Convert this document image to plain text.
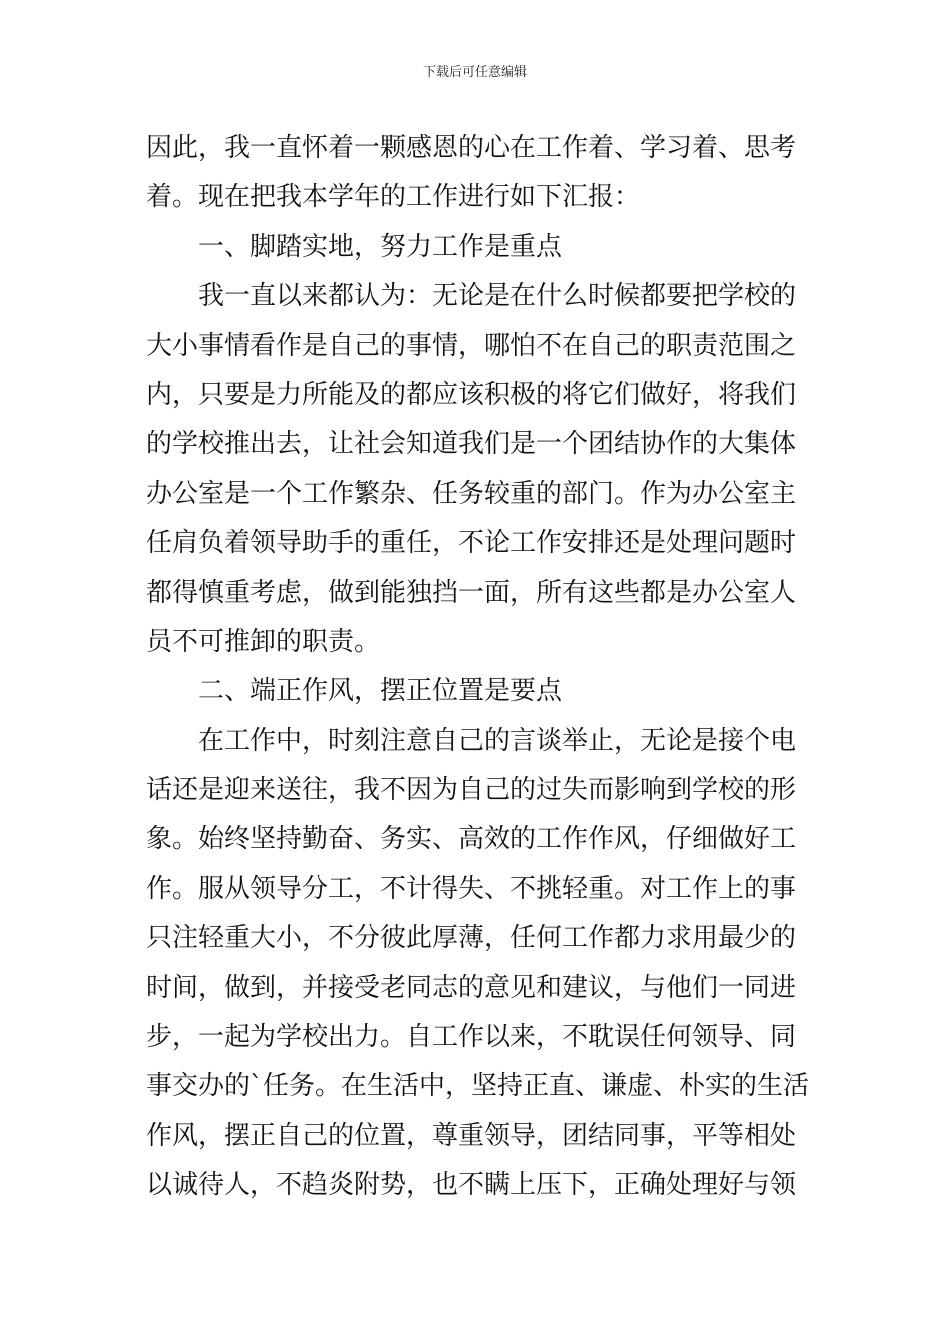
下载后可任意编辑
因此，我一直怀着一颗感恩的心在工作着、学习着、思考
着。现在把我本学年的工作进行如下汇报：
一、脚踏实地，努力工作是重点
我一直以来都认为：无论是在什么时候都要把学校的
大小事情看作是自己的事情，哪怕不在自己的职责范围之
内，只要是力所能及的都应该积极的将它们做好，将我们
的学校推出去，让社会知道我们是一个团结协作的大集体
办公室是一个工作繁杂、任务较重的部门。作为办公室主
任肩负着领导助手的重任，不论工作安排还是处理问题时
都得慎重考虑，做到能独挡一面，所有这些都是办公室人
员不可推卸的职责。
二、端正作风，摆正位置是要点
在工作中，时刻注意自己的言谈举止，无论是接个电
话还是迎来送往，我不因为自己的过失而影响到学校的形
象。始终坚持勤奋、务实、高效的工作作风，仔细做好工
作。服从领导分工，不计得失、不挑轻重。对工作上的事
只注轻重大小，不分彼此厚薄，任何工作都力求用最少的
时间，做到，并接受老同志的意见和建议，与他们一同进
步，一起为学校出力。自工作以来，不耽误任何领导、同
事交办的`任务。在生活中，坚持正直、谦虚、朴实的生活
作风，摆正自己的位置，尊重领导，团结同事，平等相处
以诚待人，不趋炎附势，也不瞒上压下，正确处理好与领
